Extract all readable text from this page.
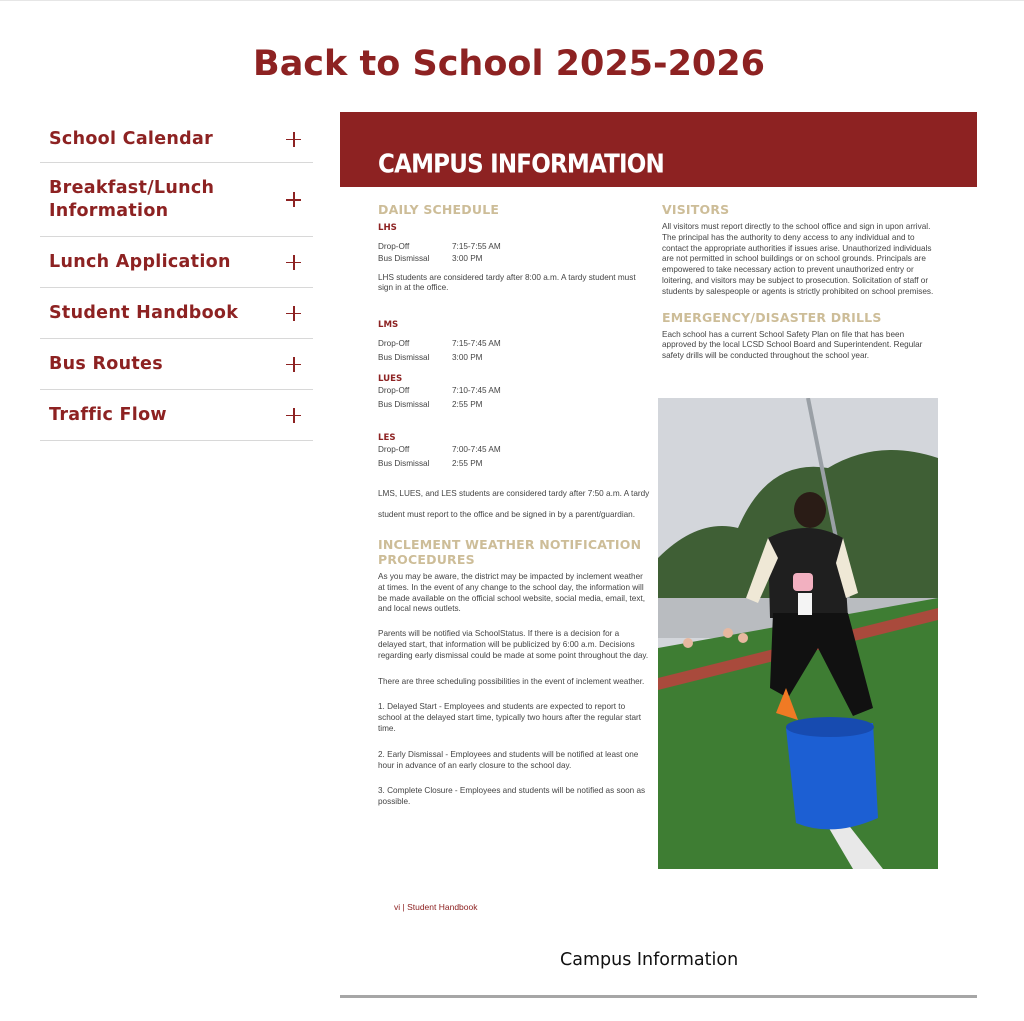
Back to School 2025-2026
School Calendar
Breakfast/Lunch Information
Lunch Application
Student Handbook
Bus Routes
Traffic Flow
CAMPUS INFORMATION
DAILY SCHEDULE
LHS
Drop-Off	7:15-7:55 AM
Bus Dismissal	3:00 PM

LHS students are considered tardy after 8:00 a.m. A tardy student must sign in at the office.

LMS
Drop-Off	7:15-7:45 AM
Bus Dismissal	3:00 PM
LUES
Drop-Off	7:10-7:45 AM
Bus Dismissal	2:55 PM
LES
Drop-Off	7:00-7:45 AM
Bus Dismissal	2:55 PM

LMS, LUES, and LES students are considered tardy after 7:50 a.m. A tardy student must report to the office and be signed in by a parent/guardian.

INCLEMENT WEATHER NOTIFICATION PROCEDURES

As you may be aware, the district may be impacted by inclement weather at times. In the event of any change to the school day, the information will be made available on the official school website, social media, email, text, and local news outlets.

Parents will be notified via SchoolStatus. If there is a decision for a delayed start, that information will be publicized by 6:00 a.m. Decisions regarding early dismissal could be made at some point throughout the day.

There are three scheduling possibilities in the event of inclement weather.

1. Delayed Start - Employees and students are expected to report to school at the delayed start time, typically two hours after the regular start time.

2. Early Dismissal - Employees and students will be notified at least one hour in advance of an early closure to the school day.

3. Complete Closure - Employees and students will be notified as soon as possible.

VISITORS

All visitors must report directly to the school office and sign in upon arrival. The principal has the authority to deny access to any individual and to contact the appropriate authorities if issues arise. Unauthorized individuals are not permitted in school buildings or on school grounds. Principals are empowered to take necessary action to prevent unauthorized entry or loitering, and visitors may be subject to prosecution. Solicitation of staff or students by salespeople or agents is strictly prohibited on school premises.

EMERGENCY/DISASTER DRILLS

Each school has a current School Safety Plan on file that has been approved by the local LCSD School Board and Superintendent. Regular safety drills will be conducted throughout the school year.

vi | Student Handbook
Campus Information
